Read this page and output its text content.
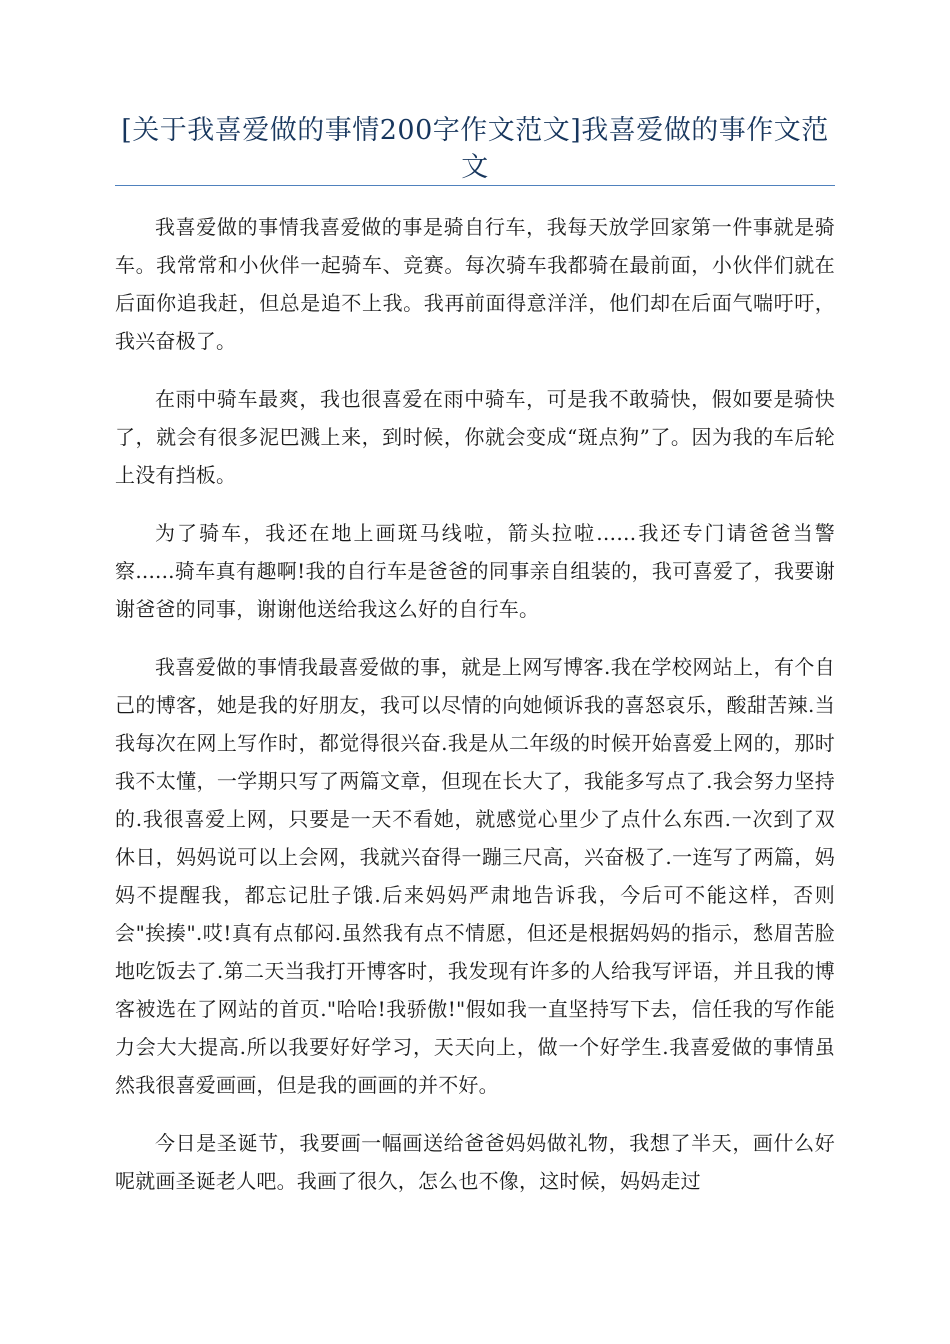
[关于我喜爱做的事情200字作文范文]我喜爱做的事作文范文

我喜爱做的事情我喜爱做的事是骑自行车，我每天放学回家第一件事就是骑车。我常常和小伙伴一起骑车、竞赛。每次骑车我都骑在最前面，小伙伴们就在后面你追我赶，但总是追不上我。我再前面得意洋洋，他们却在后面气喘吁吁，我兴奋极了。

在雨中骑车最爽，我也很喜爱在雨中骑车，可是我不敢骑快，假如要是骑快了，就会有很多泥巴溅上来，到时候，你就会变成“斑点狗”了。因为我的车后轮上没有挡板。

为了骑车，我还在地上画斑马线啦，箭头拉啦……我还专门请爸爸当警察......骑车真有趣啊!我的自行车是爸爸的同事亲自组装的，我可喜爱了，我要谢谢爸爸的同事，谢谢他送给我这么好的自行车。

我喜爱做的事情我最喜爱做的事，就是上网写博客.我在学校网站上，有个自己的博客，她是我的好朋友，我可以尽情的向她倾诉我的喜怒哀乐，酸甜苦辣.当我每次在网上写作时，都觉得很兴奋.我是从二年级的时候开始喜爱上网的，那时我不太懂，一学期只写了两篇文章，但现在长大了，我能多写点了.我会努力坚持的.我很喜爱上网，只要是一天不看她，就感觉心里少了点什么东西.一次到了双休日，妈妈说可以上会网，我就兴奋得一蹦三尺高，兴奋极了.一连写了两篇，妈妈不提醒我，都忘记肚子饿.后来妈妈严肃地告诉我，今后可不能这样，否则会"挨揍".哎!真有点郁闷.虽然我有点不情愿，但还是根据妈妈的指示，愁眉苦脸地吃饭去了.第二天当我打开博客时，我发现有许多的人给我写评语，并且我的博客被选在了网站的首页."哈哈!我骄傲!"假如我一直坚持写下去，信任我的写作能力会大大提高.所以我要好好学习，天天向上，做一个好学生.我喜爱做的事情虽然我很喜爱画画，但是我的画画的并不好。

今日是圣诞节，我要画一幅画送给爸爸妈妈做礼物，我想了半天，画什么好呢就画圣诞老人吧。我画了很久，怎么也不像，这时候，妈妈走过
